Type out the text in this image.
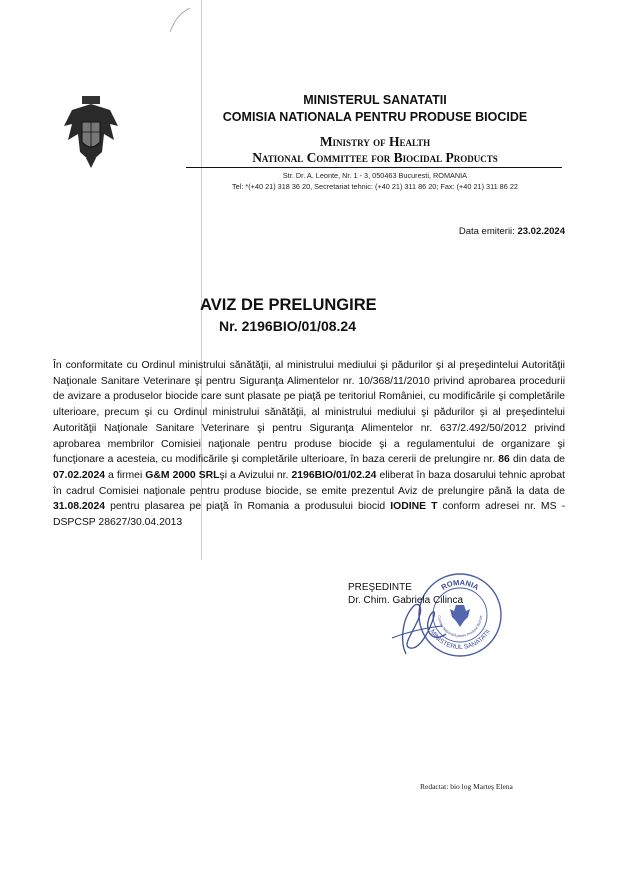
MINISTERUL SANATATII
COMISIA NATIONALA PENTRU PRODUSE BIOCIDE
Ministry of Health
National Committee for Biocidal Products
Str. Dr. A. Leonte, Nr. 1 - 3, 050463 Bucuresti, ROMANIA
Tel: *(+40 21) 318 36 20, Secretariat tehnic: (+40 21) 311 86 20; Fax: (+40 21) 311 86 22
Data emiterii: 23.02.2024
AVIZ DE PRELUNGIRE
Nr. 2196BIO/01/08.24
În conformitate cu Ordinul ministrului sănătăţii, al ministrului mediului şi pădurilor şi al preşedintelui Autorităţii Naţionale Sanitare Veterinare şi pentru Siguranţa Alimentelor nr. 10/368/11/2010 privind aprobarea procedurii de avizare a produselor biocide care sunt plasate pe piaţă pe teritoriul României, cu modificările şi completările ulterioare, precum şi cu Ordinul ministrului sănătăţii, al ministrului mediului şi pădurilor şi al preşedintelui Autorităţii Naţionale Sanitare Veterinare şi pentru Siguranţa Alimentelor nr. 637/2.492/50/2012 privind aprobarea membrilor Comisiei naţionale pentru produse biocide şi a regulamentului de organizare şi funcţionare a acesteia, cu modificările şi completările ulterioare, în baza cererii de prelungire nr. 86 din data de 07.02.2024 a firmei G&M 2000 SRLşi a Avizului nr. 2196BIO/01/02.24 eliberat în baza dosarului tehnic aprobat în cadrul Comisiei naţionale pentru produse biocide, se emite prezentul Aviz de prelungire până la data de 31.08.2024 pentru plasarea pe piaţă în Romania a produsului biocid IODINE T conform adresei nr. MS - DSPCSP 28627/30.04.2013
ROMANIA
MINISTERUL SANATATII
Comisia Naţională pentru Produse Biocide
PREŞEDINTE
Dr. Chim. Gabriela Cilinca
Redactat: bio log Marteș Elena
